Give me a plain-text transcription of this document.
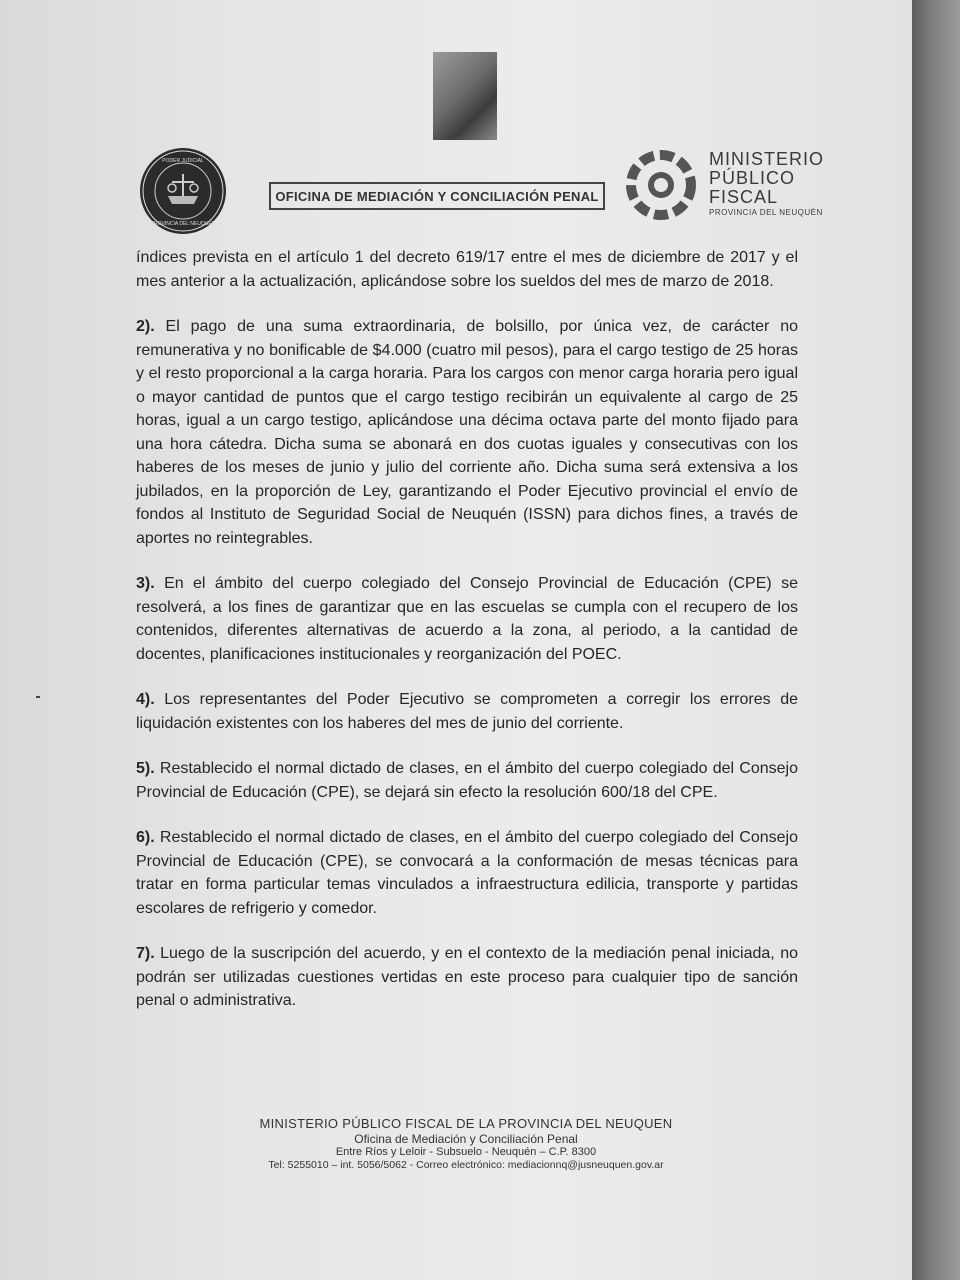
PODER JUDICIAL
PROVINCIA DEL NEUQUÉN
OFICINA DE MEDIACIÓN Y CONCILIACIÓN PENAL
MINISTERIO
PÚBLICO
FISCAL
PROVINCIA DEL NEUQUÉN

índices prevista en el artículo 1 del decreto 619/17 entre el mes de diciembre de 2017 y el mes anterior a la actualización, aplicándose sobre los sueldos del mes de marzo de 2018.

2). El pago de una suma extraordinaria, de bolsillo, por única vez, de carácter no remunerativa y no bonificable de $4.000 (cuatro mil pesos), para el cargo testigo de 25 horas y el resto proporcional a la carga horaria. Para los cargos con menor carga horaria pero igual o mayor cantidad de puntos que el cargo testigo recibirán un equivalente al cargo de 25 horas, igual a un cargo testigo, aplicándose una décima octava parte del monto fijado para una hora cátedra. Dicha suma se abonará en dos cuotas iguales y consecutivas con los haberes de los meses de junio y julio del corriente año. Dicha suma será extensiva a los jubilados, en la proporción de Ley, garantizando el Poder Ejecutivo provincial el envío de fondos al Instituto de Seguridad Social de Neuquén (ISSN) para dichos fines, a través de aportes no reintegrables.

3). En el ámbito del cuerpo colegiado del Consejo Provincial de Educación (CPE) se resolverá, a los fines de garantizar que en las escuelas se cumpla con el recupero de los contenidos, diferentes alternativas de acuerdo a la zona, al periodo, a la cantidad de docentes, planificaciones institucionales y reorganización del POEC.

4). Los representantes del Poder Ejecutivo se comprometen a corregir los errores de liquidación existentes con los haberes del mes de junio del corriente.

5). Restablecido el normal dictado de clases, en el ámbito del cuerpo colegiado del Consejo Provincial de Educación (CPE), se dejará sin efecto la resolución 600/18 del CPE.

6). Restablecido el normal dictado de clases, en el ámbito del cuerpo colegiado del Consejo Provincial de Educación (CPE), se convocará a la conformación de mesas técnicas para tratar en forma particular temas vinculados a infraestructura edilicia, transporte y partidas escolares de refrigerio y comedor.

7). Luego de la suscripción del acuerdo, y en el contexto de la mediación penal iniciada, no podrán ser utilizadas cuestiones vertidas en este proceso para cualquier tipo de sanción penal o administrativa.

MINISTERIO PÚBLICO FISCAL DE LA PROVINCIA DEL NEUQUEN
Oficina de Mediación y Conciliación Penal
Entre Ríos y Leloir - Subsuelo - Neuquén – C.P. 8300
Tel: 5255010 – int. 5056/5062 - Correo electrónico: mediacionnq@jusneuquen.gov.ar
